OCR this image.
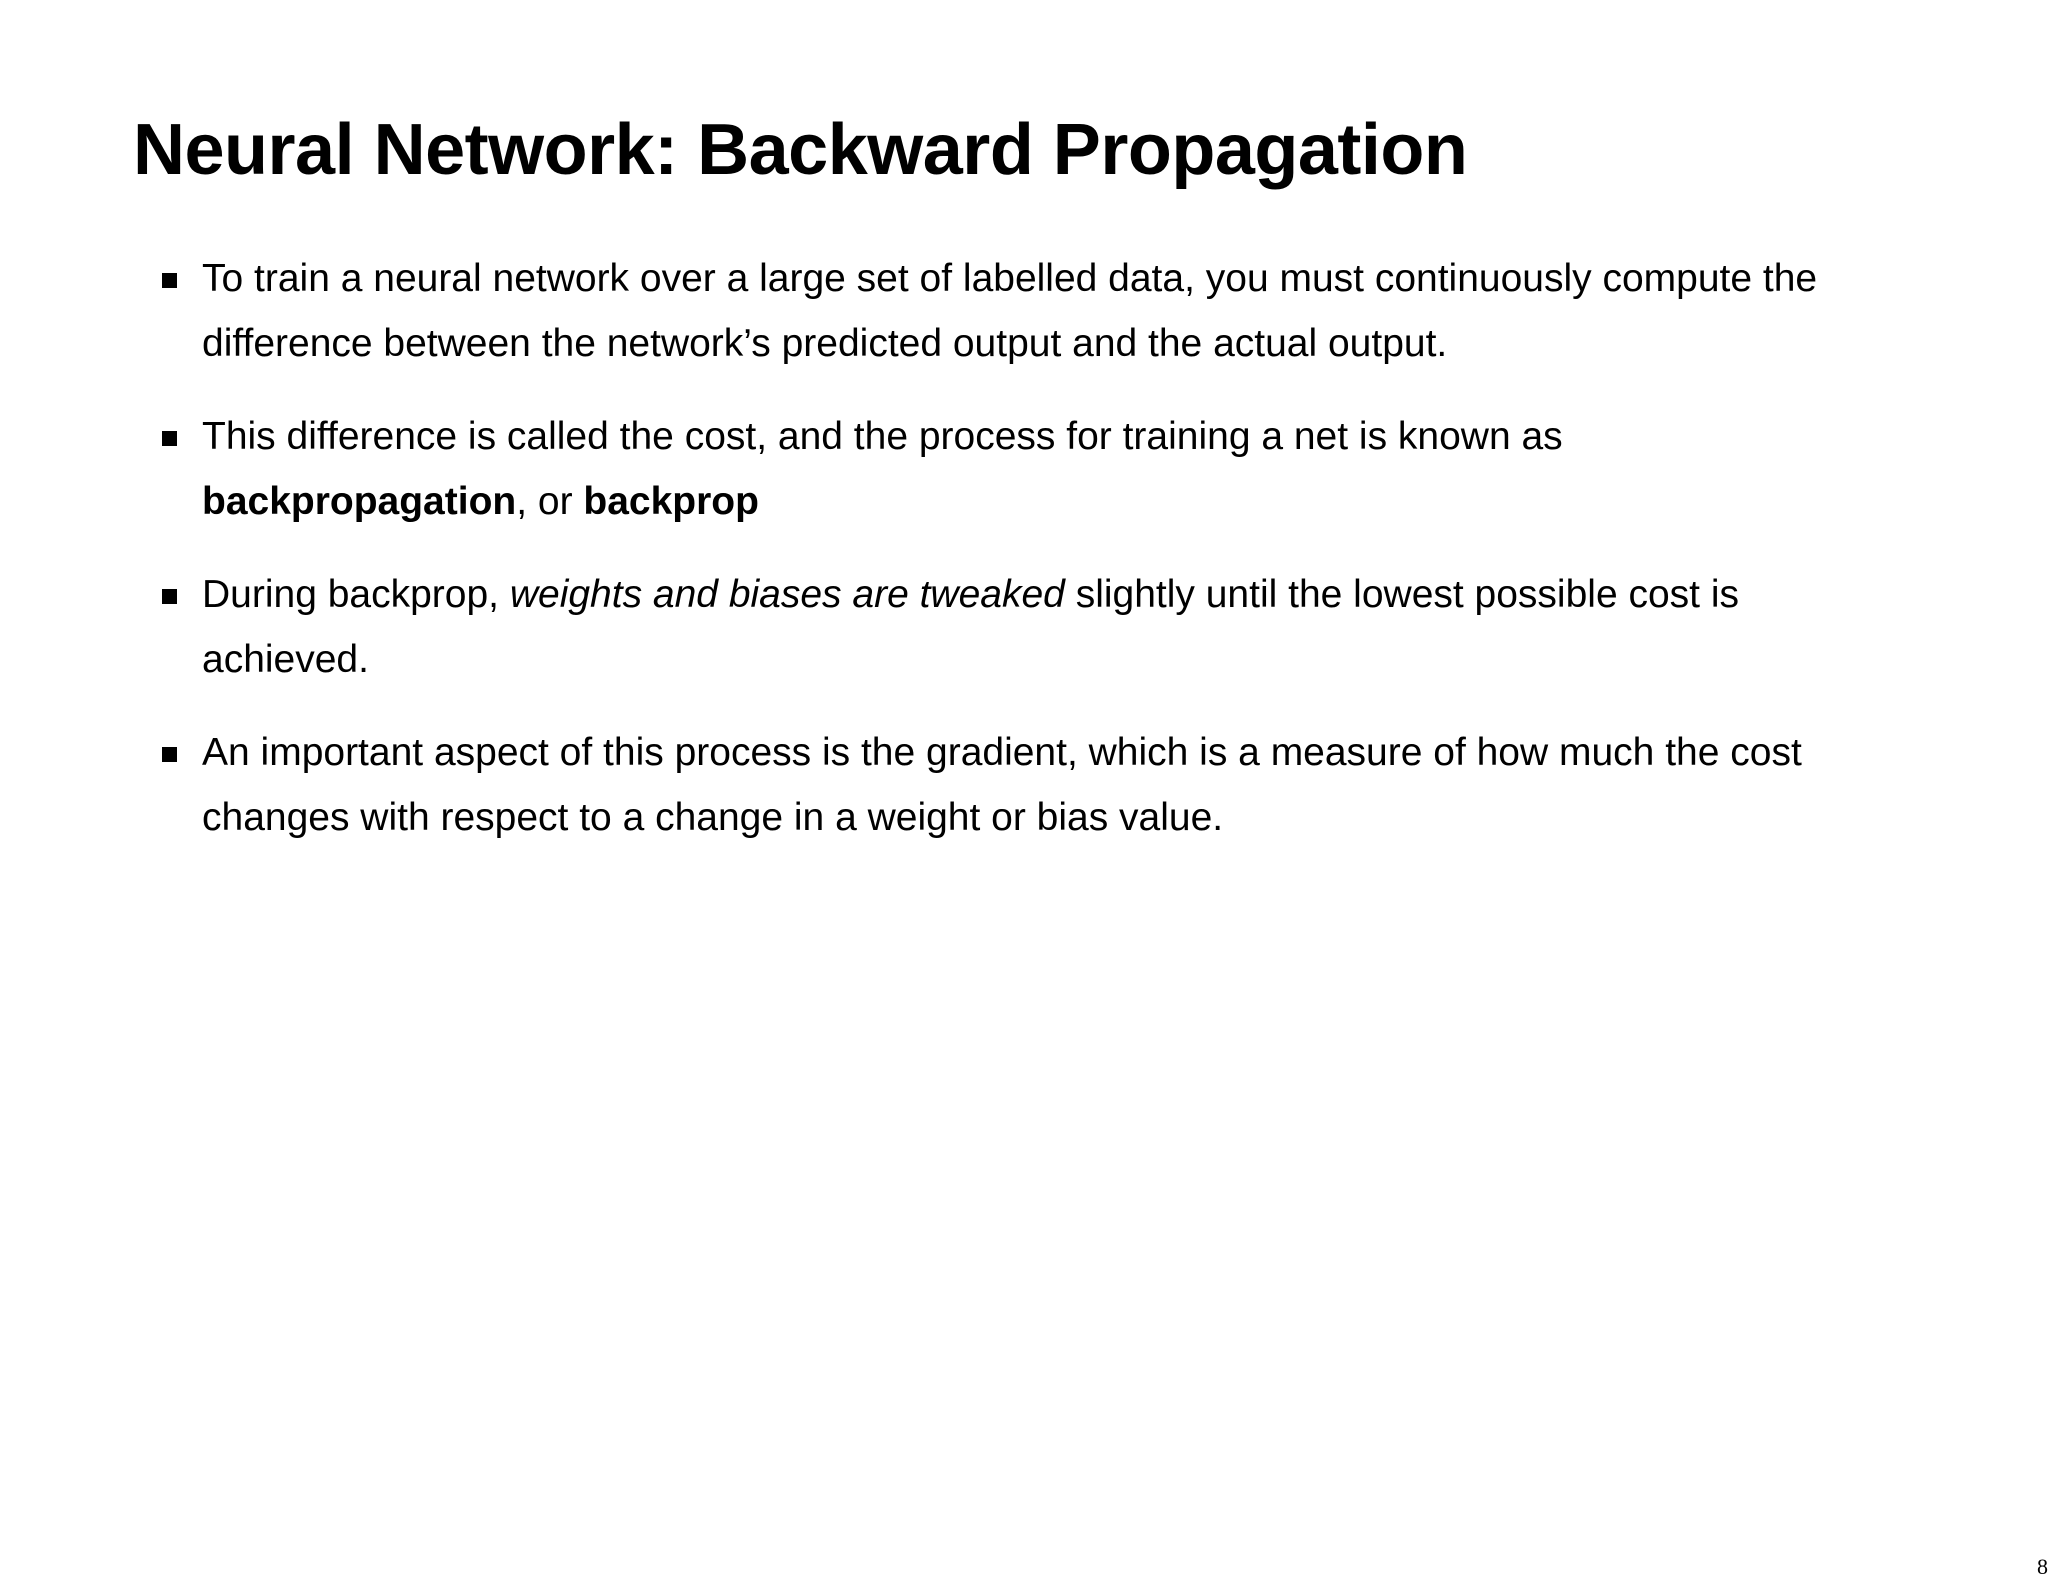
Neural Network: Backward Propagation
To train a neural network over a large set of labelled data, you must continuously compute the difference between the network’s predicted output and the actual output.
This difference is called the cost, and the process for training a net is known as backpropagation, or backprop
During backprop, weights and biases are tweaked slightly until the lowest possible cost is achieved.
An important aspect of this process is the gradient, which is a measure of how much the cost changes with respect to a change in a weight or bias value.
8
